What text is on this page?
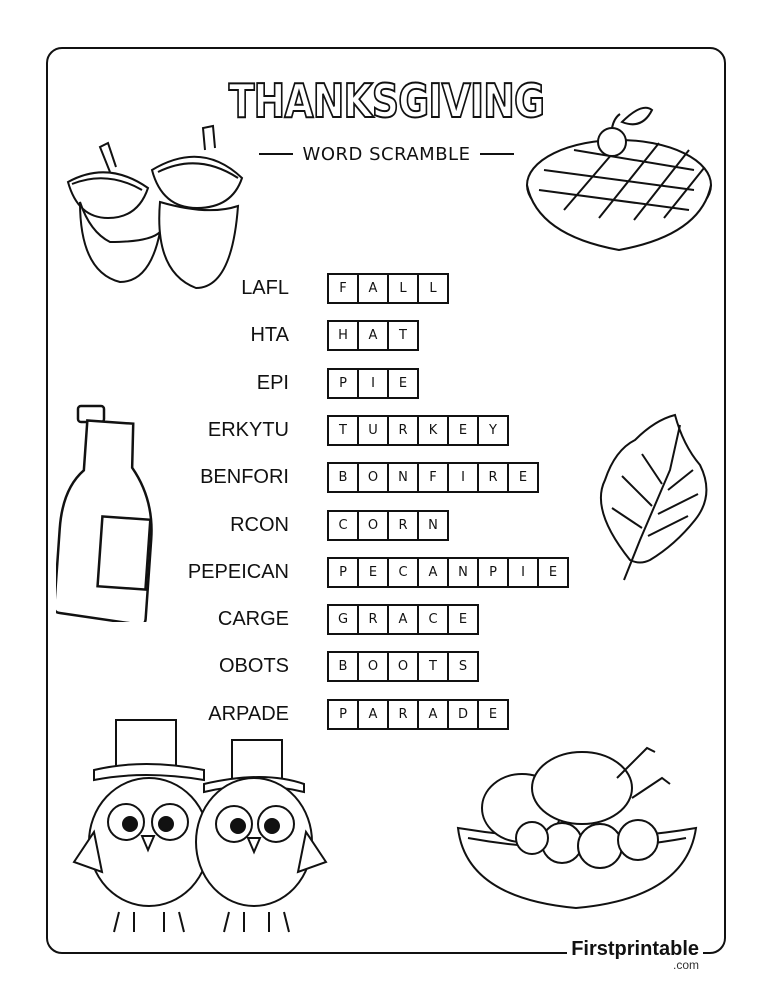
THANKSGIVING
WORD SCRAMBLE
LAFL	F	A	L	L
HTA	H	A	T
EPI	P	I	E
ERKYTU	T	U	R	K	E	Y
BENFORI	B	O	N	F	I	R	E
RCON	C	O	R	N
PEPEICAN	P	E	C	A	N	P	I	E
CARGE	G	R	A	C	E
OBOTS	B	O	O	T	S
ARPADE	P	A	R	A	D	E
Firstprintable
.com
